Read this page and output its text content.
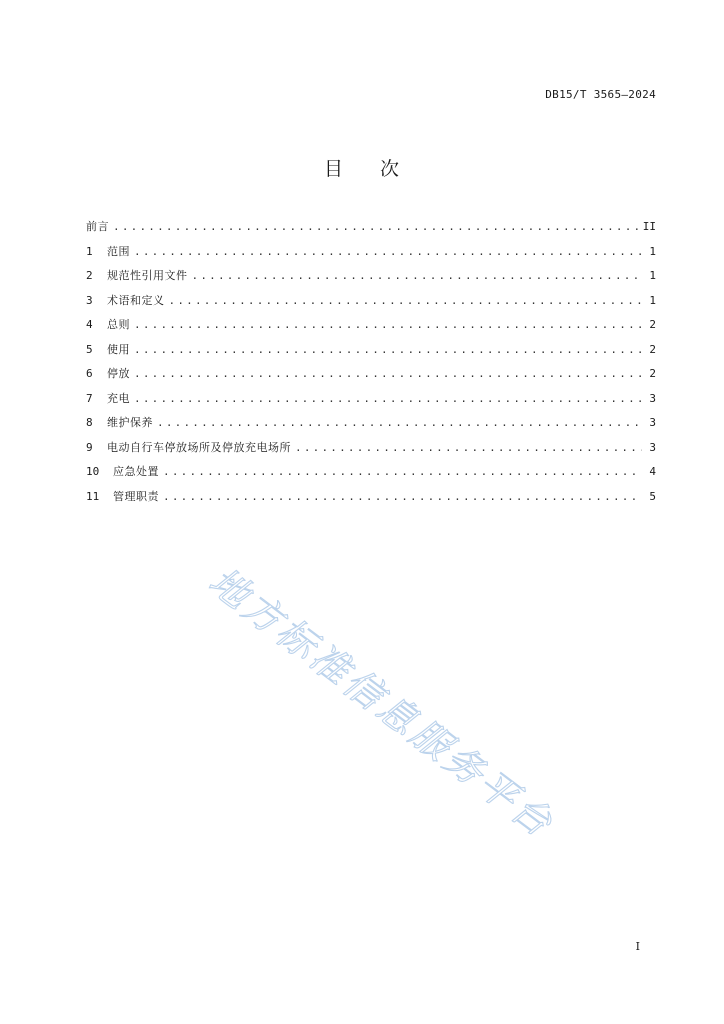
DB15/T 3565—2024
目 次
前言 .....	II
1	范围 .....	1
2	规范性引用文件 .....	1
3	术语和定义 .....	1
4	总则 .....	2
5	使用 .....	2
6	停放 .....	2
7	充电 .....	3
8	维护保养 .....	3
9	电动自行车停放场所及停放充电场所 .....	3
10	应急处置 .....	4
11	管理职责 .....	5
地方标准信息服务平台
I
